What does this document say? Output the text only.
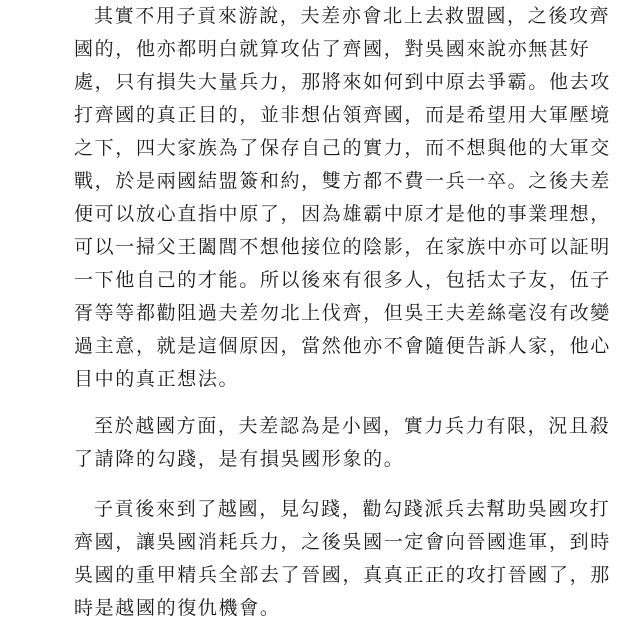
其實不用子貢來游說，夫差亦會北上去救盟國，之後攻齊
國的，他亦都明白就算攻佔了齊國，對吳國來說亦無甚好
處，只有損失大量兵力，那將來如何到中原去爭霸。他去攻
打齊國的真正目的，並非想佔領齊國，而是希望用大軍壓境
之下，四大家族為了保存自己的實力，而不想與他的大軍交
戰，於是兩國結盟簽和約，雙方都不費一兵一卒。之後夫差
便可以放心直指中原了，因為雄霸中原才是他的事業理想，
可以一掃父王闔閭不想他接位的陰影，在家族中亦可以証明
一下他自己的才能。所以後來有很多人，包括太子友，伍子
胥等等都勸阻過夫差勿北上伐齊，但吳王夫差絲毫沒有改變
過主意，就是這個原因，當然他亦不會隨便告訴人家，他心
目中的真正想法。
至於越國方面，夫差認為是小國，實力兵力有限，況且殺
了請降的勾踐，是有損吳國形象的。
子貢後來到了越國，見勾踐，勸勾踐派兵去幫助吳國攻打
齊國，讓吳國消耗兵力，之後吳國一定會向晉國進軍，到時
吳國的重甲精兵全部去了晉國，真真正正的攻打晉國了，那
時是越國的復仇機會。
